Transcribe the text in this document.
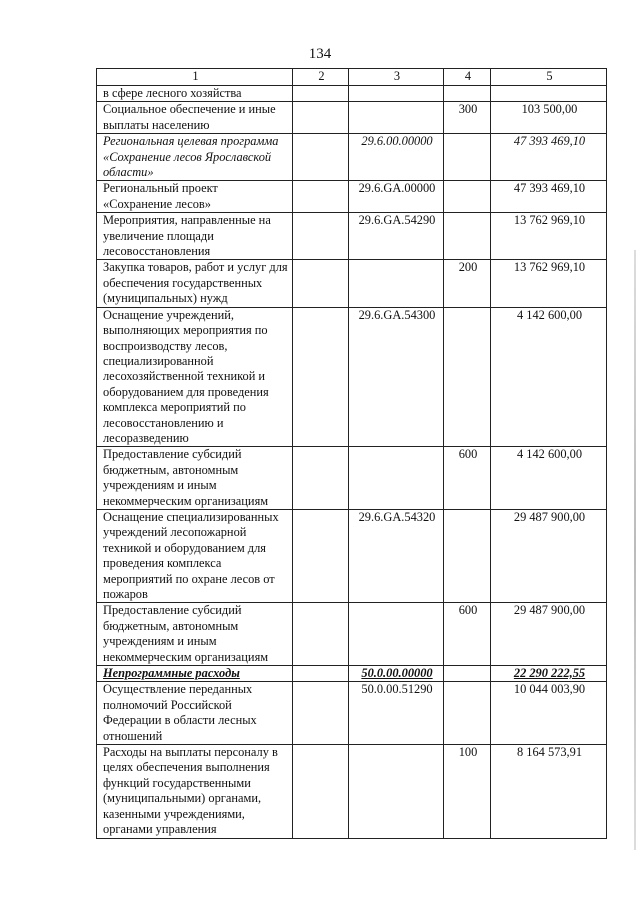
134
1	2	3	4	5
в сфере лесного хозяйства				
Социальное обеспечение и иные выплаты населению			300	103 500,00
Региональная целевая программа «Сохранение лесов Ярославской области»		29.6.00.00000		47 393 469,10
Региональный проект «Сохранение лесов»		29.6.GA.00000		47 393 469,10
Мероприятия, направленные на увеличение площади лесовосстановления		29.6.GA.54290		13 762 969,10
Закупка товаров, работ и услуг для обеспечения государственных (муниципальных) нужд			200	13 762 969,10
Оснащение учреждений, выполняющих мероприятия по воспроизводству лесов, специализированной лесохозяйственной техникой и оборудованием для проведения комплекса мероприятий по лесовосстановлению и лесоразведению		29.6.GA.54300		4 142 600,00
Предоставление субсидий бюджетным, автономным учреждениям и иным некоммерческим организациям			600	4 142 600,00
Оснащение специализированных учреждений лесопожарной техникой и оборудованием для проведения комплекса мероприятий по охране лесов от пожаров		29.6.GA.54320		29 487 900,00
Предоставление субсидий бюджетным, автономным учреждениям и иным некоммерческим организациям			600	29 487 900,00
Непрограммные расходы		50.0.00.00000		22 290 222,55
Осуществление переданных полномочий Российской Федерации в области лесных отношений		50.0.00.51290		10 044 003,90
Расходы на выплаты персоналу в целях обеспечения выполнения функций государственными (муниципальными) органами, казенными учреждениями, органами управления			100	8 164 573,91
